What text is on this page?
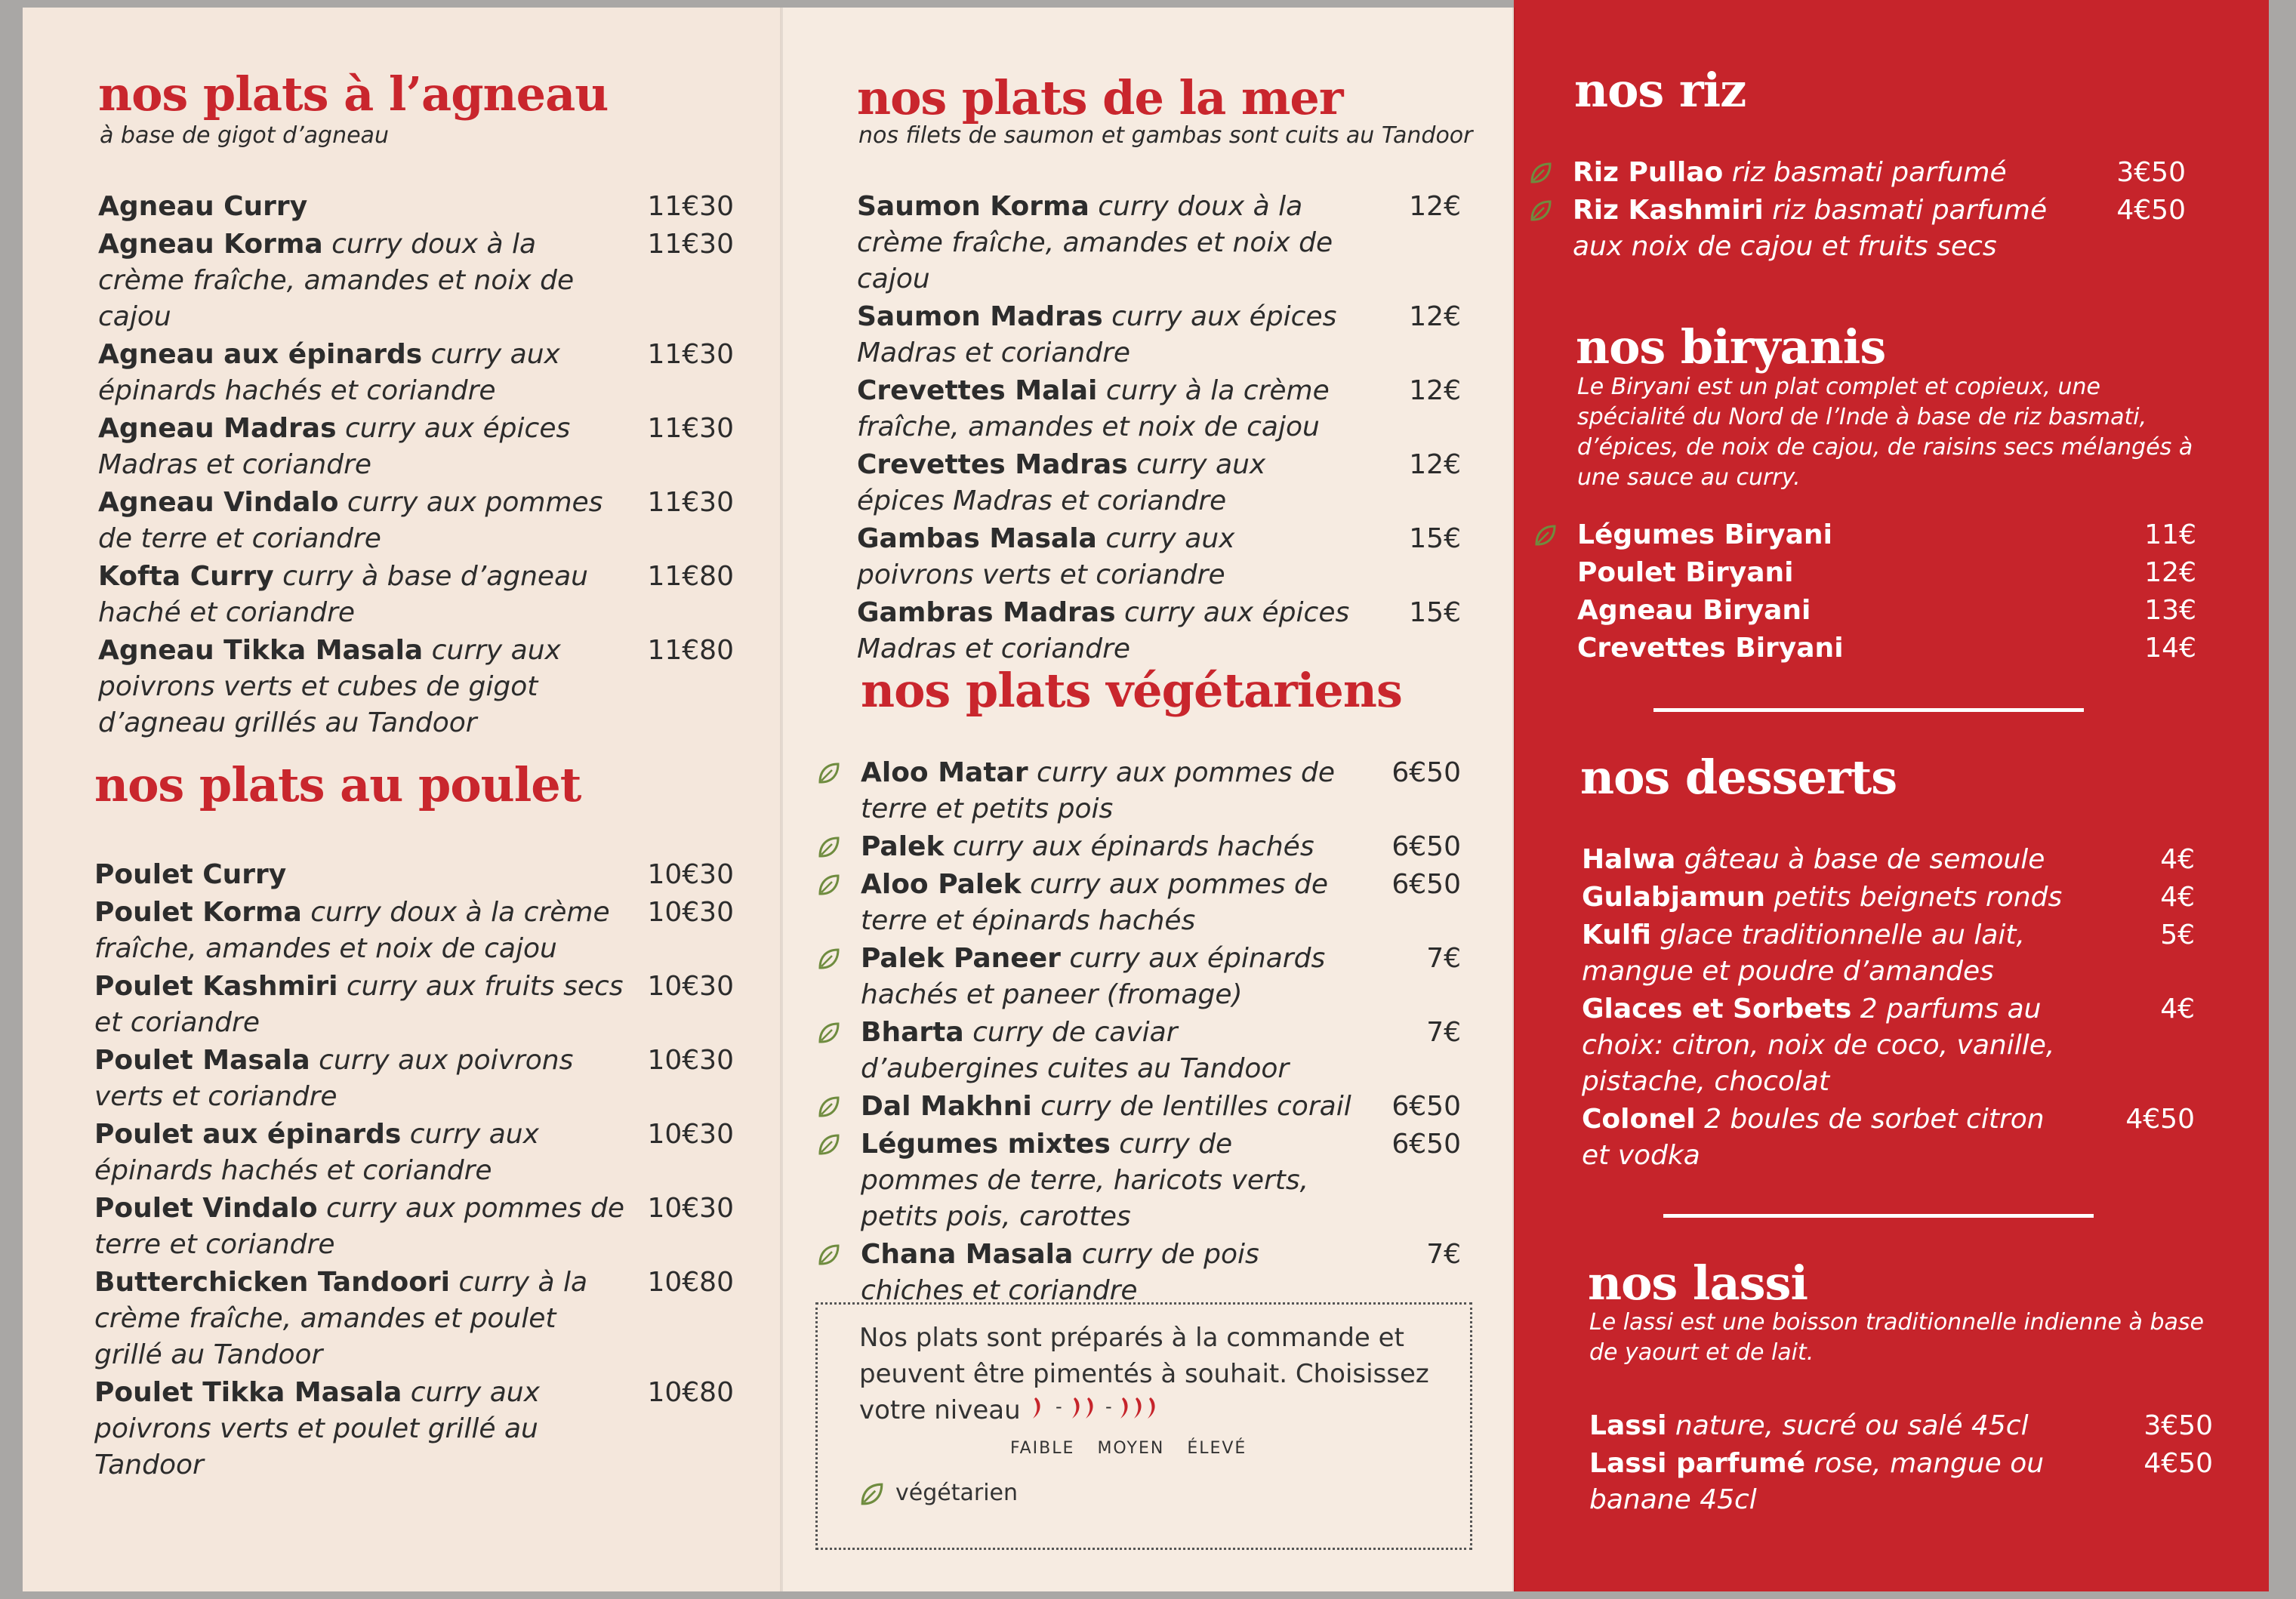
nos plats à l’agneau
à base de gigot d’agneau
Agneau Curry	11€30
Agneau Korma curry doux à la crème fraîche, amandes et noix de cajou
11€30
Agneau aux épinards curry aux épinards hachés et coriandre
11€30
Agneau Madras curry aux épices Madras et coriandre
11€30
Agneau Vindalo curry aux pommes de terre et coriandre
11€30
Kofta Curry curry à base d’agneau haché et coriandre
11€80
Agneau Tikka Masala curry aux poivrons verts et cubes de gigot d’agneau grillés au Tandoor
11€80
nos plats au poulet
Poulet Curry	10€30
Poulet Korma curry doux à la crème fraîche, amandes et noix de cajou
10€30
Poulet Kashmiri curry aux fruits secs et coriandre
10€30
Poulet Masala curry aux poivrons verts et coriandre
10€30
Poulet aux épinards curry aux épinards hachés et coriandre
10€30
Poulet Vindalo curry aux pommes de terre et coriandre
10€30
Butterchicken Tandoori curry à la crème fraîche, amandes et poulet grillé au Tandoor
10€80
Poulet Tikka Masala curry aux poivrons verts et poulet grillé au Tandoor
10€80
nos plats de la mer
nos filets de saumon et gambas sont cuits au Tandoor
Saumon Korma curry doux à la crème fraîche, amandes et noix de cajou
12€
Saumon Madras curry aux épices Madras et coriandre
12€
Crevettes Malai curry à la crème fraîche, amandes et noix de cajou
12€
Crevettes Madras curry aux épices Madras et coriandre
12€
Gambas Masala curry aux poivrons verts et coriandre
15€
Gambras Madras curry aux épices Madras et coriandre
15€
nos plats végétariens
Aloo Matar curry aux pommes de terre et petits pois
6€50
Palek curry aux épinards hachés	6€50
Aloo Palek curry aux pommes de terre et épinards hachés
6€50
Palek Paneer curry aux épinards hachés et paneer (fromage)
7€
Bharta curry de caviar d’aubergines cuites au Tandoor
7€
Dal Makhni curry de lentilles corail	6€50
Légumes mixtes curry de pommes de terre, haricots verts, petits pois, carottes
6€50
Chana Masala curry de pois chiches et coriandre
7€
Nos plats sont préparés à la commande et peuvent être pimentés à souhait. Choisissez votre niveau - -
FAIBLE MOYEN ÉLEVÉ
végétarien
nos riz
Riz Pullao riz basmati parfumé	3€50
Riz Kashmiri riz basmati parfumé aux noix de cajou et fruits secs
4€50
nos biryanis
Le Biryani est un plat complet et copieux, une spécialité du Nord de l’Inde à base de riz basmati, d’épices, de noix de cajou, de raisins secs mélangés à une sauce au curry.
Légumes Biryani	11€
Poulet Biryani	12€
Agneau Biryani	13€
Crevettes Biryani	14€
nos desserts
Halwa gâteau à base de semoule	4€
Gulabjamun petits beignets ronds	4€
Kulfi glace traditionnelle au lait, mangue et poudre d’amandes
5€
Glaces et Sorbets 2 parfums au choix: citron, noix de coco, vanille, pistache, chocolat
4€
Colonel 2 boules de sorbet citron et vodka
4€50
nos lassi
Le lassi est une boisson traditionnelle indienne à base de yaourt et de lait.
Lassi nature, sucré ou salé 45cl	3€50
Lassi parfumé rose, mangue ou banane 45cl
4€50
